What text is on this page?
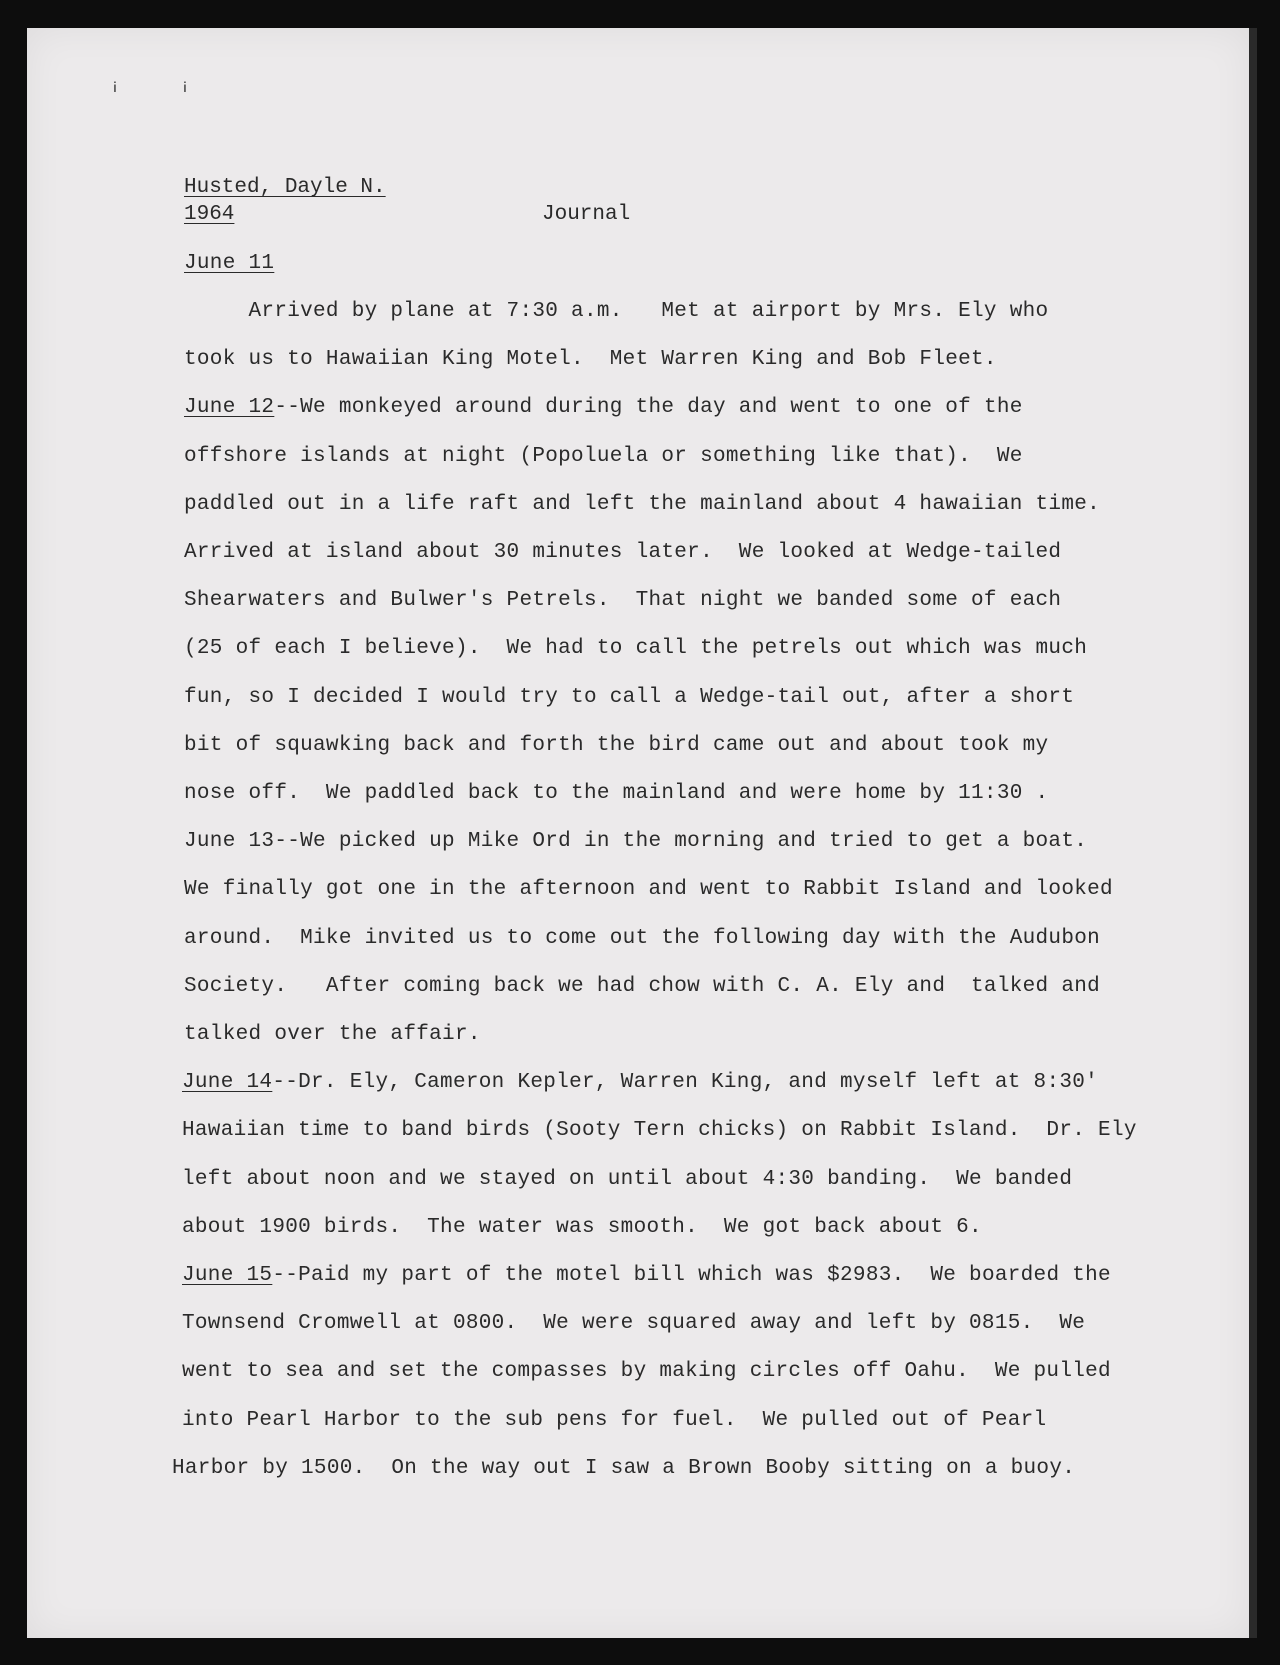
ⅰ	ⅰ

Husted, Dayle N.

1964

	Journal

June 11

Arrived by plane at 7:30 a.m.   Met at airport by Mrs. Ely who
took us to Hawaiian King Motel.  Met Warren King and Bob Fleet.
June 12--We monkeyed around during the day and went to one of the
offshore islands at night (Popoluela or something like that).  We
paddled out in a life raft and left the mainland about 4 hawaiian time.
Arrived at island about 30 minutes later.  We looked at Wedge-tailed
Shearwaters and Bulwer's Petrels.  That night we banded some of each
(25 of each I believe).  We had to call the petrels out which was much
fun, so I decided I would try to call a Wedge-tail out, after a short
bit of squawking back and forth the bird came out and about took my
nose off.  We paddled back to the mainland and were home by 11:30 .
June 13--We picked up Mike Ord in the morning and tried to get a boat.
We finally got one in the afternoon and went to Rabbit Island and looked
around.  Mike invited us to come out the following day with the Audubon
Society.   After coming back we had chow with C. A. Ely and  talked and
talked over the affair.
June 14--Dr. Ely, Cameron Kepler, Warren King, and myself left at 8:30'
Hawaiian time to band birds (Sooty Tern chicks) on Rabbit Island.  Dr. Ely
left about noon and we stayed on until about 4:30 banding.  We banded
about 1900 birds.  The water was smooth.  We got back about 6.
June 15--Paid my part of the motel bill which was $2983.  We boarded the
Townsend Cromwell at 0800.  We were squared away and left by 0815.  We
went to sea and set the compasses by making circles off Oahu.  We pulled
into Pearl Harbor to the sub pens for fuel.  We pulled out of Pearl
Harbor by 1500.  On the way out I saw a Brown Booby sitting on a buoy.
